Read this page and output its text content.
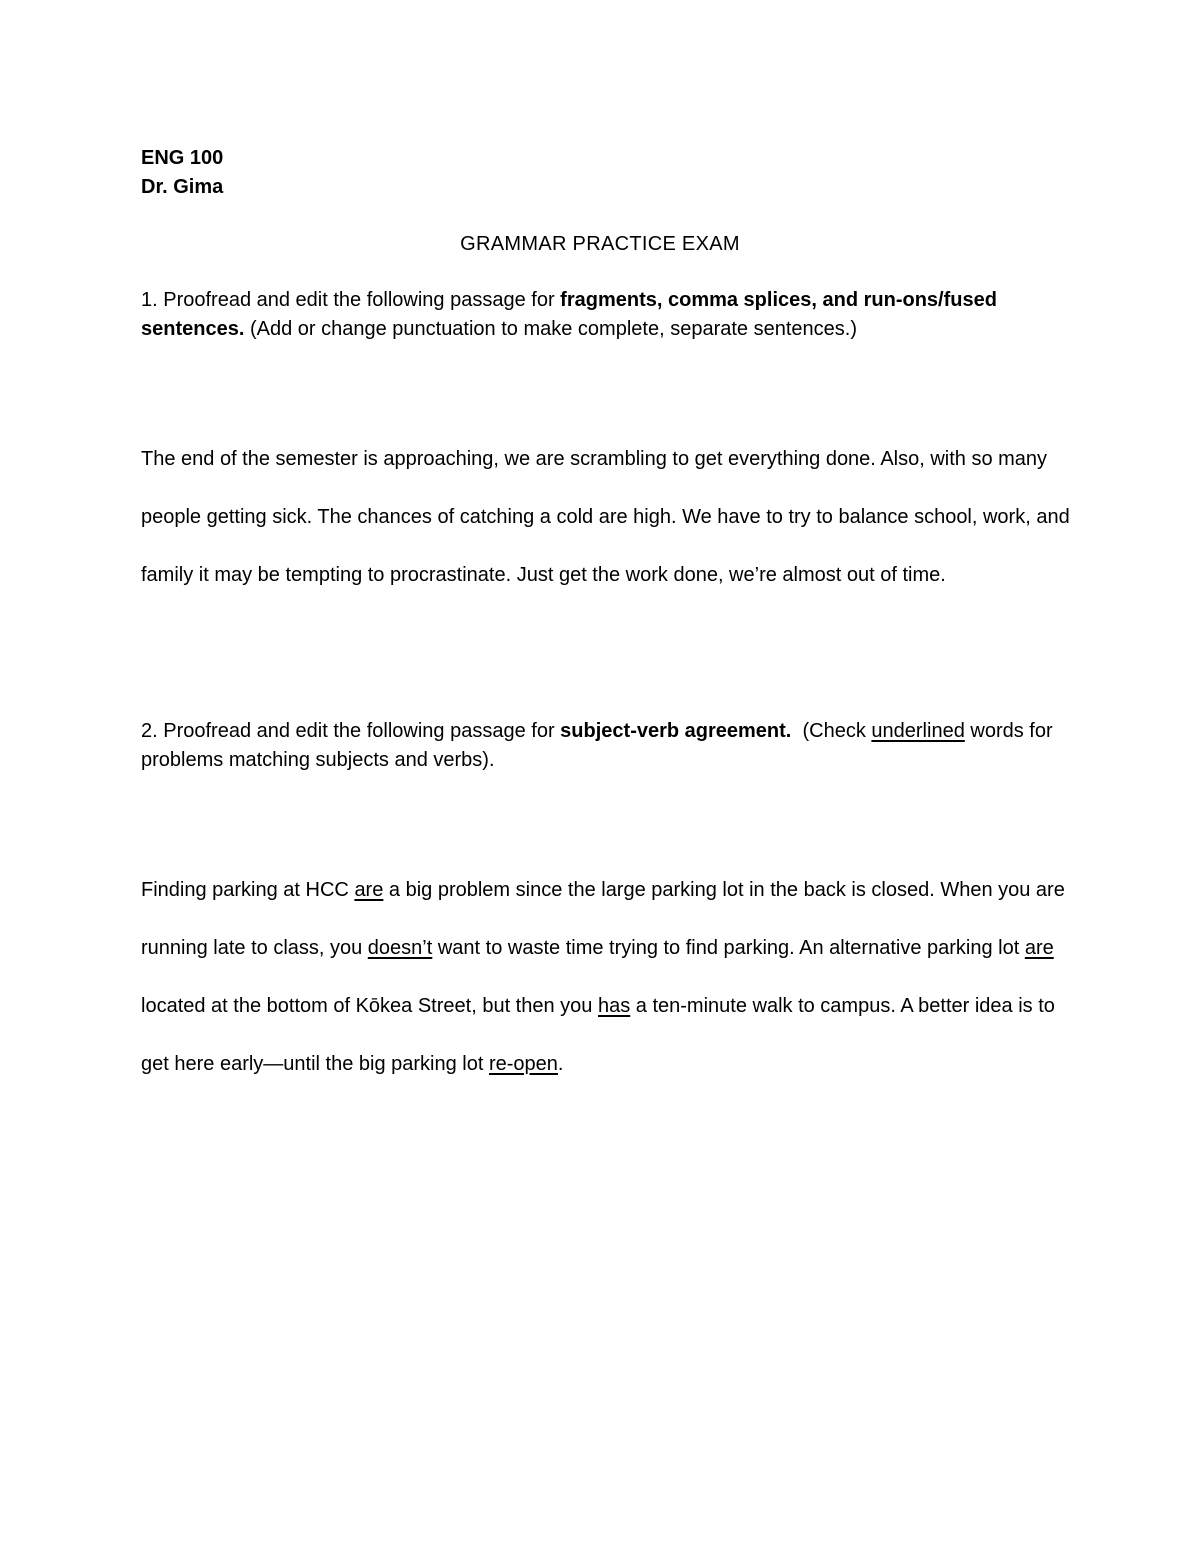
ENG 100

Dr. Gima

GRAMMAR PRACTICE EXAM
1. Proofread and edit the following passage for fragments, comma splices, and run-ons/fused sentences. (Add or change punctuation to make complete, separate sentences.)
The end of the semester is approaching, we are scrambling to get everything done. Also, with so many people getting sick. The chances of catching a cold are high. We have to try to balance school, work, and family it may be tempting to procrastinate. Just get the work done, we’re almost out of time.
2. Proofread and edit the following passage for subject-verb agreement.  (Check underlined words for problems matching subjects and verbs).
Finding parking at HCC are a big problem since the large parking lot in the back is closed. When you are running late to class, you doesn’t want to waste time trying to find parking. An alternative parking lot are located at the bottom of Kōkea Street, but then you has a ten-minute walk to campus. A better idea is to get here early—until the big parking lot re-open.
